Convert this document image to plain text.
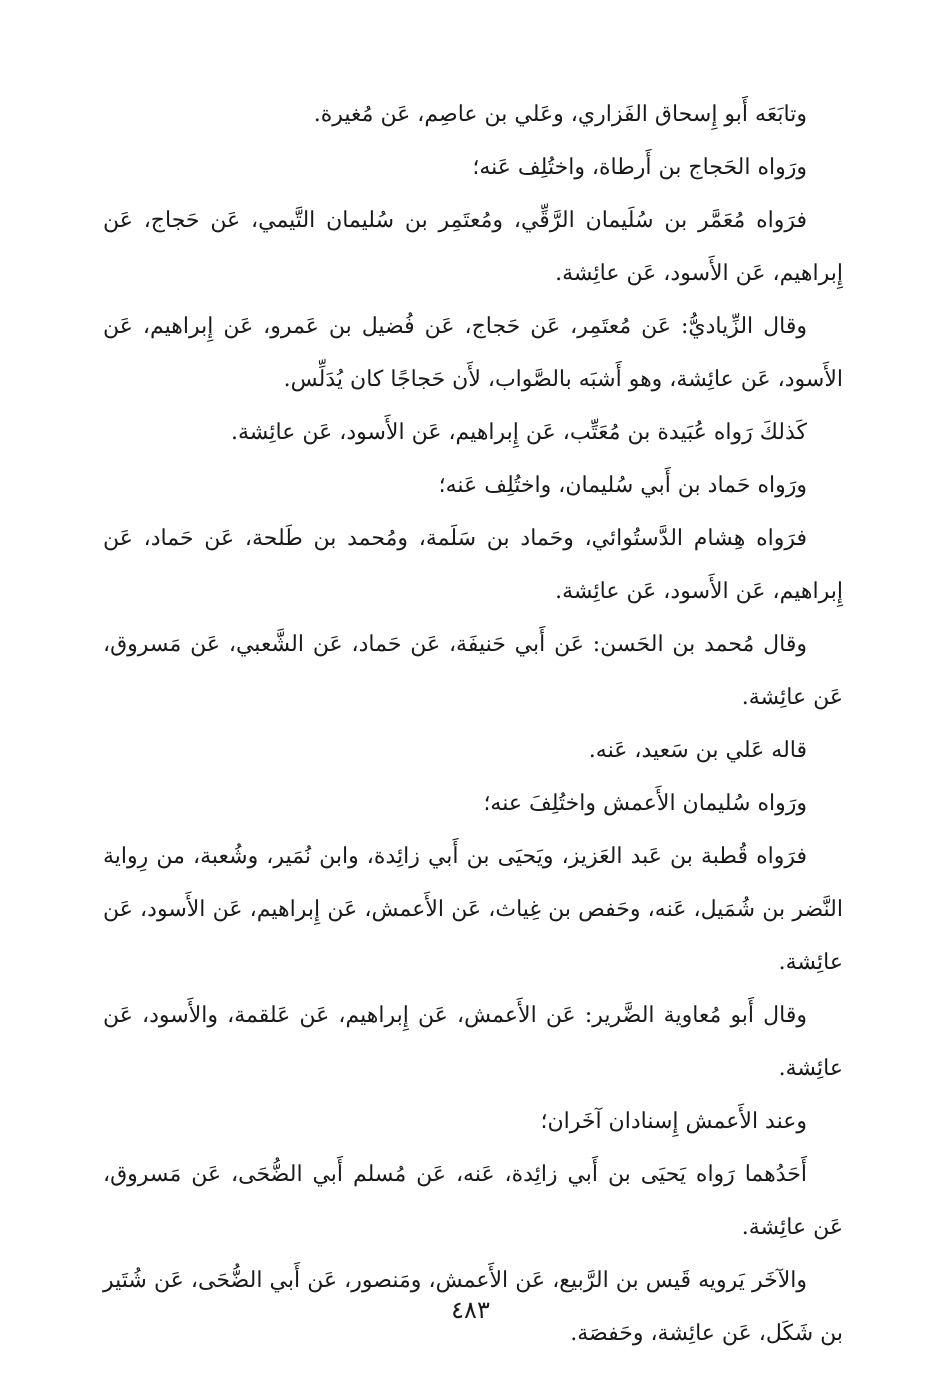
وتابَعَه أَبو إِسحاق الفَزاري، وعَلي بن عاصِم، عَن مُغيرة.

ورَواه الحَجاج بن أَرطاة، واختُلِف عَنه؛

فرَواه مُعَمَّر بن سُلَيمان الرَّقِّي، ومُعتَمِر بن سُليمان التَّيمي، عَن حَجاج، عَن إِبراهيم، عَن الأَسود، عَن عائِشة.

وقال الزِّياديُّ: عَن مُعتَمِر، عَن حَجاج، عَن فُضيل بن عَمرو، عَن إِبراهيم، عَن الأَسود، عَن عائِشة، وهو أَشبَه بالصَّواب، لأَن حَجاجًا كان يُدَلِّس.

كَذلكَ رَواه عُبَيدة بن مُعَتِّب، عَن إِبراهيم، عَن الأَسود، عَن عائِشة.

ورَواه حَماد بن أَبي سُليمان، واختُلِف عَنه؛

فرَواه هِشام الدَّستُوائي، وحَماد بن سَلَمة، ومُحمد بن طَلحة، عَن حَماد، عَن إِبراهيم، عَن الأَسود، عَن عائِشة.

وقال مُحمد بن الحَسن: عَن أَبي حَنيفَة، عَن حَماد، عَن الشَّعبي، عَن مَسروق، عَن عائِشة.

قاله عَلي بن سَعيد، عَنه.

ورَواه سُليمان الأَعمش واختُلِفَ عنه؛

فرَواه قُطبة بن عَبد العَزيز، ويَحيَى بن أَبي زائِدة، وابن نُمَير، وشُعبة، من رِواية النَّضر بن شُمَيل، عَنه، وحَفص بن غِياث، عَن الأَعمش، عَن إِبراهيم، عَن الأَسود، عَن عائِشة.

وقال أَبو مُعاوية الضَّرير: عَن الأَعمش، عَن إِبراهيم، عَن عَلقمة، والأَسود، عَن عائِشة.

وعند الأَعمش إِسنادان آخَران؛

أَحَدُهما رَواه يَحيَى بن أَبي زائِدة، عَنه، عَن مُسلم أَبي الضُّحَى، عَن مَسروق، عَن عائِشة.

والآخَر يَرويه قَيس بن الرَّبيع، عَن الأَعمش، ومَنصور، عَن أَبي الضُّحَى، عَن شُتَير بن شَكَل، عَن عائِشة، وحَفصَة.

٤٨٣
